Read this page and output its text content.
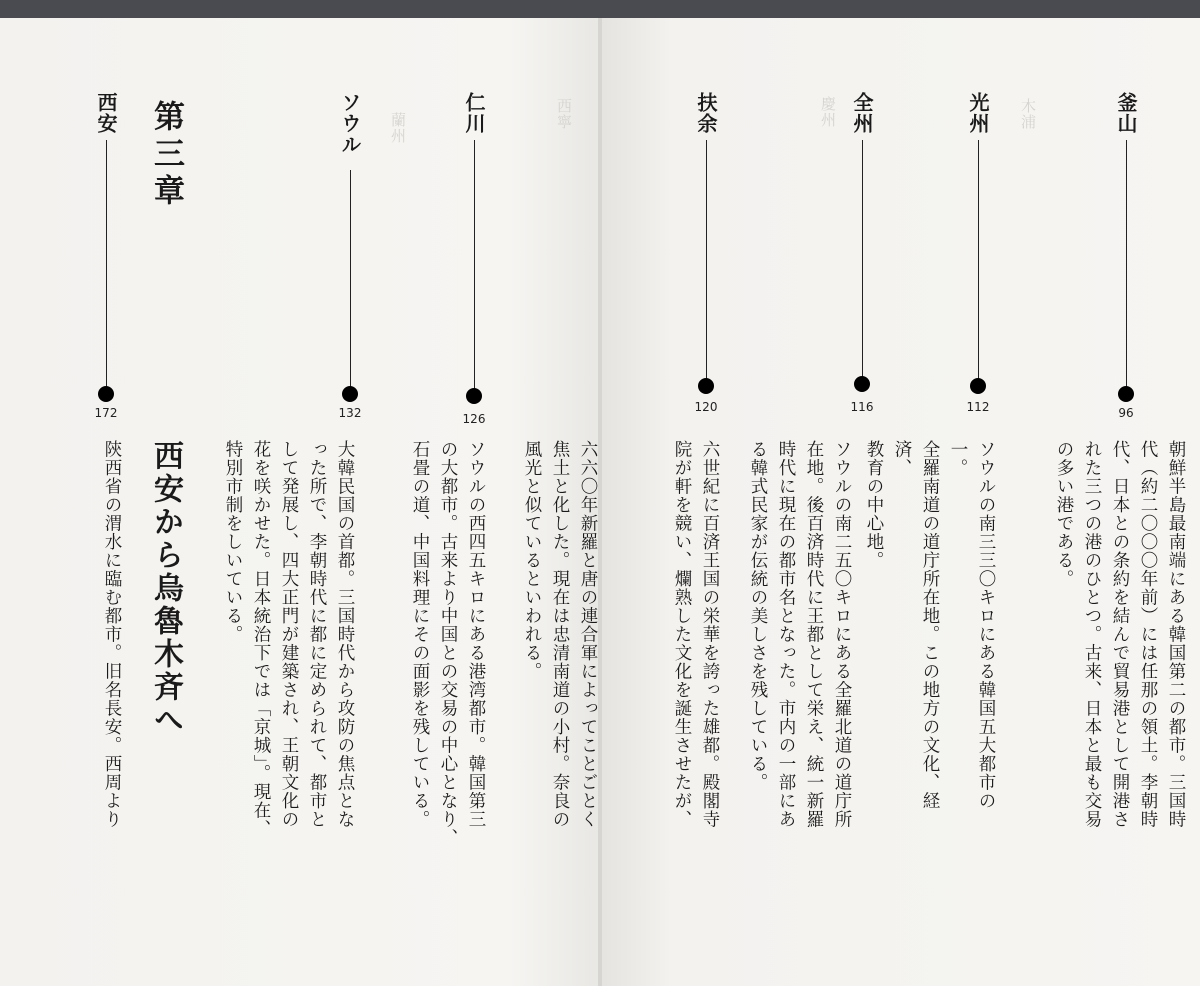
木浦
慶州
西寧
蘭州	釜山
96
朝鮮半島最南端にある韓国第二の都市。三国時
代（約二〇〇〇年前）には任那の領土。李朝時
代、日本との条約を結んで貿易港として開港さ
れた三つの港のひとつ。古来、日本と最も交易
の多い港である。
光州
112
ソウルの南三三〇キロにある韓国五大都市の一。
全羅南道の道庁所在地。この地方の文化、経済、
教育の中心地。
全州
116
ソウルの南二五〇キロにある全羅北道の道庁所
在地。後百済時代に王都として栄え、統一新羅
時代に現在の都市名となった。市内の一部にあ
る韓式民家が伝統の美しさを残している。
扶余
120
六世紀に百済王国の栄華を誇った雄都。殿閣寺
院が軒を競い、爛熟した文化を誕生させたが、
仁川
126
六六〇年新羅と唐の連合軍によってことごとく
焦土と化した。現在は忠清南道の小村。奈良の
風光と似ているといわれる。

ソウルの西四五キロにある港湾都市。韓国第三
の大都市。古来より中国との交易の中心となり、
石畳の道、中国料理にその面影を残している。
ソウル
132
大韓民国の首都。三国時代から攻防の焦点とな
った所で、李朝時代に都に定められて、都市と
して発展し、四大正門が建築され、王朝文化の
花を咲かせた。日本統治下では「京城」。現在、
特別市制をしいている。
第三章
西安から烏魯木斉へ
西安
172
陝西省の渭水に臨む都市。旧名長安。西周より
